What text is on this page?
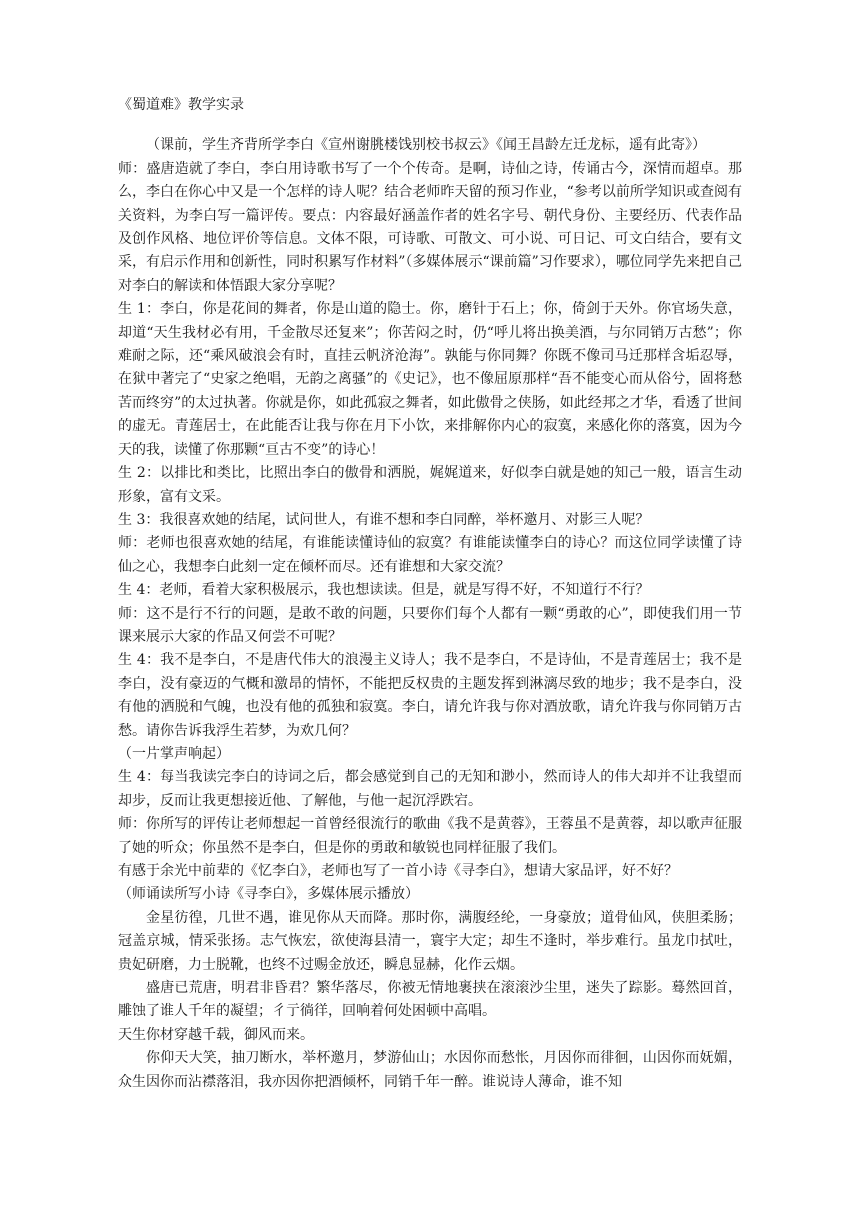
《蜀道难》教学实录

（课前，学生齐背所学李白《宣州谢朓楼饯别校书叔云》《闻王昌龄左迁龙标，遥有此寄》）

师：盛唐造就了李白，李白用诗歌书写了一个个传奇。是啊，诗仙之诗，传诵古今，深情而超卓。那么，李白在你心中又是一个怎样的诗人呢？结合老师昨天留的预习作业，“参考以前所学知识或查阅有关资料，为李白写一篇评传。要点：内容最好涵盖作者的姓名字号、朝代身份、主要经历、代表作品及创作风格、地位评价等信息。文体不限，可诗歌、可散文、可小说、可日记、可文白结合，要有文采，有启示作用和创新性，同时积累写作材料”（多媒体展示“课前篇”习作要求），哪位同学先来把自己对李白的解读和体悟跟大家分享呢？

生 1：李白，你是花间的舞者，你是山道的隐士。你，磨针于石上；你，倚剑于天外。你官场失意，却道“天生我材必有用，千金散尽还复来”；你苦闷之时，仍“呼儿将出换美酒，与尔同销万古愁”；你难耐之际，还“乘风破浪会有时，直挂云帆济沧海”。孰能与你同舞？你既不像司马迁那样含垢忍辱，在狱中著完了“史家之绝唱，无韵之离骚”的《史记》，也不像屈原那样“吾不能变心而从俗兮，固将愁苦而终穷”的太过执著。你就是你，如此孤寂之舞者，如此傲骨之侠肠，如此经邦之才华，看透了世间的虚无。青莲居士，在此能否让我与你在月下小饮，来排解你内心的寂寞，来感化你的落寞，因为今天的我，读懂了你那颗“亘古不变”的诗心！

生 2：以排比和类比，比照出李白的傲骨和洒脱，娓娓道来，好似李白就是她的知己一般，语言生动形象，富有文采。

生 3：我很喜欢她的结尾，试问世人，有谁不想和李白同醉，举杯邀月、对影三人呢？

师：老师也很喜欢她的结尾，有谁能读懂诗仙的寂寞？有谁能读懂李白的诗心？而这位同学读懂了诗仙之心，我想李白此刻一定在倾杯而尽。还有谁想和大家交流？

生 4：老师，看着大家积极展示，我也想读读。但是，就是写得不好，不知道行不行？

师：这不是行不行的问题，是敢不敢的问题，只要你们每个人都有一颗“勇敢的心”，即使我们用一节课来展示大家的作品又何尝不可呢？

生 4：我不是李白，不是唐代伟大的浪漫主义诗人；我不是李白，不是诗仙，不是青莲居士；我不是李白，没有豪迈的气概和激昂的情怀，不能把反权贵的主题发挥到淋漓尽致的地步；我不是李白，没有他的洒脱和气魄，也没有他的孤独和寂寞。李白，请允许我与你对酒放歌，请允许我与你同销万古愁。请你告诉我浮生若梦，为欢几何？

（一片掌声响起）

生 4：每当我读完李白的诗词之后，都会感觉到自己的无知和渺小，然而诗人的伟大却并不让我望而却步，反而让我更想接近他、了解他，与他一起沉浮跌宕。

师：你所写的评传让老师想起一首曾经很流行的歌曲《我不是黄蓉》，王蓉虽不是黄蓉，却以歌声征服了她的听众；你虽然不是李白，但是你的勇敢和敏锐也同样征服了我们。

有感于余光中前辈的《忆李白》，老师也写了一首小诗《寻李白》，想请大家品评，好不好？

（师诵读所写小诗《寻李白》，多媒体展示播放）

金星彷徨，几世不遇，谁见你从天而降。那时你，满腹经纶，一身豪放；道骨仙风，侠胆柔肠；冠盖京城，情采张扬。志气恢宏，欲使海县清一，寰宇大定；却生不逢时，举步难行。虽龙巾拭吐，贵妃研磨，力士脱靴，也终不过赐金放还，瞬息显赫，化作云烟。

盛唐已荒唐，明君非昏君？繁华落尽，你被无情地裹挟在滚滚沙尘里，迷失了踪影。蓦然回首，雕蚀了谁人千年的凝望；彳亍徜徉，回响着何处困顿中高唱。

天生你材穿越千载，御风而来。

你仰天大笑，抽刀断水，举杯邀月，梦游仙山；水因你而愁怅，月因你而徘徊，山因你而妩媚，众生因你而沾襟落泪，我亦因你把酒倾杯，同销千年一醉。谁说诗人薄命，谁不知
